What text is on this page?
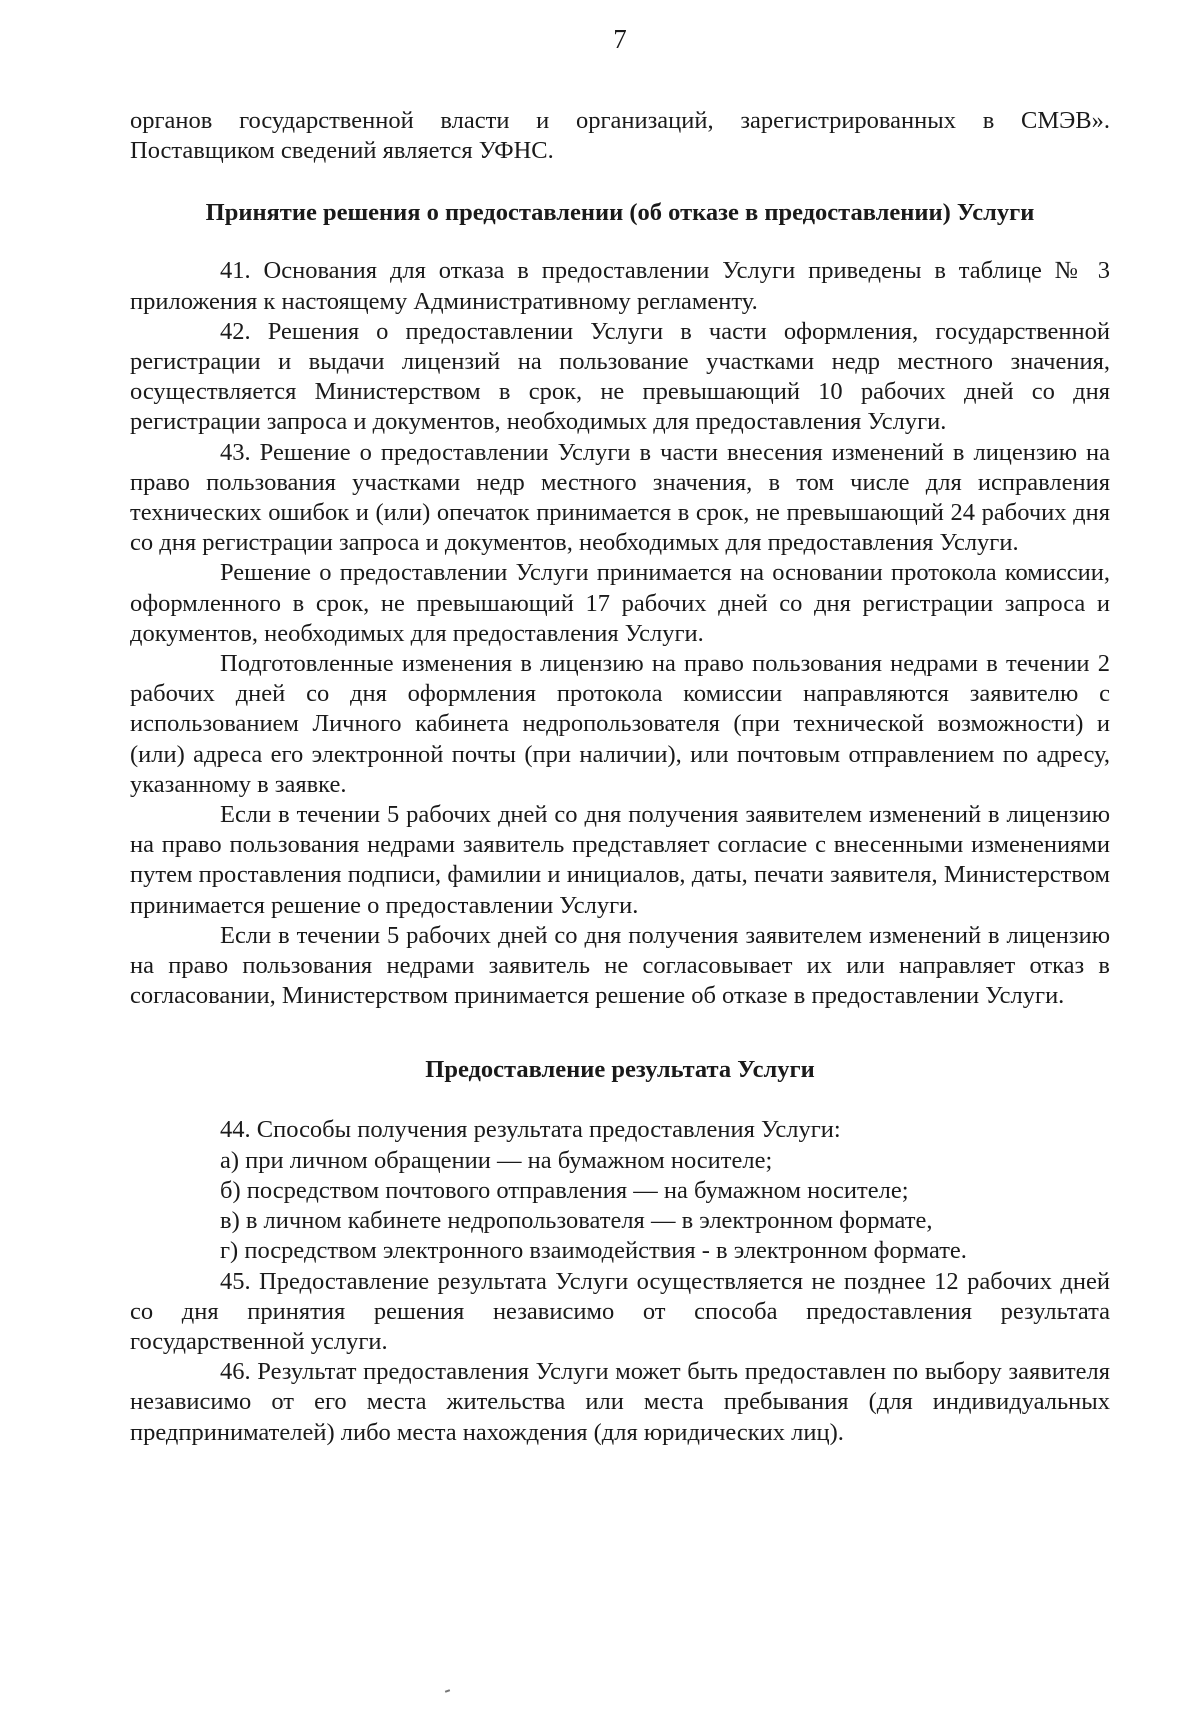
7

органов государственной власти и организаций, зарегистрированных в СМЭВ». Поставщиком сведений является УФНС.

Принятие решения о предоставлении (об отказе в предоставлении) Услуги

41. Основания для отказа в предоставлении Услуги приведены в таблице № 3 приложения к настоящему Административному регламенту.

42. Решения о предоставлении Услуги в части оформления, государственной регистрации и выдачи лицензий на пользование участками недр местного значения, осуществляется Министерством в срок, не превышающий 10 рабочих дней со дня регистрации запроса и документов, необходимых для предоставления Услуги.

43. Решение о предоставлении Услуги в части внесения изменений в лицензию на право пользования участками недр местного значения, в том числе для исправления технических ошибок и (или) опечаток принимается в срок, не превышающий 24 рабочих дня со дня регистрации запроса и документов, необходимых для предоставления Услуги.

Решение о предоставлении Услуги принимается на основании протокола комиссии, оформленного в срок, не превышающий 17 рабочих дней со дня регистрации запроса и документов, необходимых для предоставления Услуги.

Подготовленные изменения в лицензию на право пользования недрами в течении 2 рабочих дней со дня оформления протокола комиссии направляются заявителю с использованием Личного кабинета недропользователя (при технической возможности) и (или) адреса его электронной почты (при наличии), или почтовым отправлением по адресу, указанному в заявке.

Если в течении 5 рабочих дней со дня получения заявителем изменений в лицензию на право пользования недрами заявитель представляет согласие с внесенными изменениями путем проставления подписи, фамилии и инициалов, даты, печати заявителя, Министерством принимается решение о предоставлении Услуги.

Если в течении 5 рабочих дней со дня получения заявителем изменений в лицензию на право пользования недрами заявитель не согласовывает их или направляет отказ в согласовании, Министерством принимается решение об отказе в предоставлении Услуги.

Предоставление результата Услуги

44. Способы получения результата предоставления Услуги:

а) при личном обращении — на бумажном носителе;

б) посредством почтового отправления — на бумажном носителе;

в) в личном кабинете недропользователя — в электронном формате,

г) посредством электронного взаимодействия - в электронном формате.

45. Предоставление результата Услуги осуществляется не позднее 12 рабочих дней со дня принятия решения независимо от способа предоставления результата государственной услуги.

46. Результат предоставления Услуги может быть предоставлен по выбору заявителя независимо от его места жительства или места пребывания (для индивидуальных предпринимателей) либо места нахождения (для юридических лиц).
